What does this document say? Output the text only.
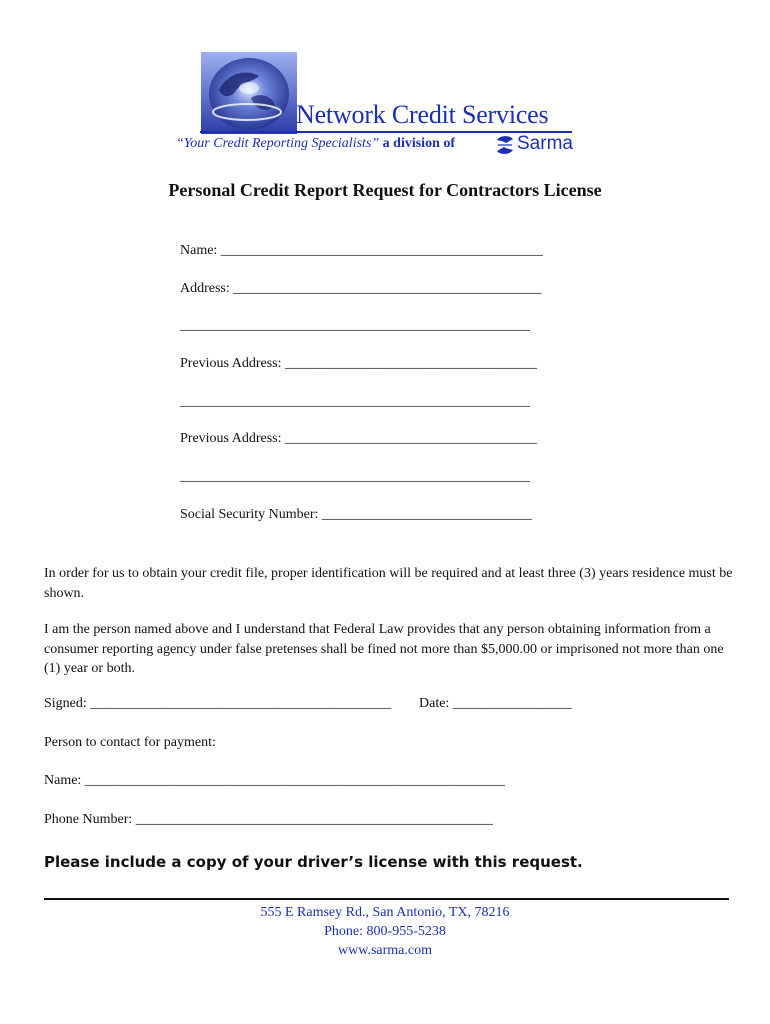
Network Credit Services
“Your Credit Reporting Specialists” a division of	Sarma
Personal Credit Report Request for Contractors License
Name: ______________________________________________
Address: ____________________________________________
__________________________________________________
Previous Address: ____________________________________
__________________________________________________
Previous Address: ____________________________________
__________________________________________________
Social Security Number: ______________________________
In order for us to obtain your credit file, proper identification will be required and at least three (3) years residence must be shown.
I am the person named above and I understand that Federal Law provides that any person obtaining information from a consumer reporting agency under false pretenses shall be fined not more than $5,000.00 or imprisoned not more than one (1) year or both.
Signed: ___________________________________________ Date: _________________
Person to contact for payment:
Name: ____________________________________________________________
Phone Number: ___________________________________________________
Please include a copy of your driver’s license with this request.
555 E Ramsey Rd., San Antonio, TX, 78216
Phone: 800-955-5238
www.sarma.com
